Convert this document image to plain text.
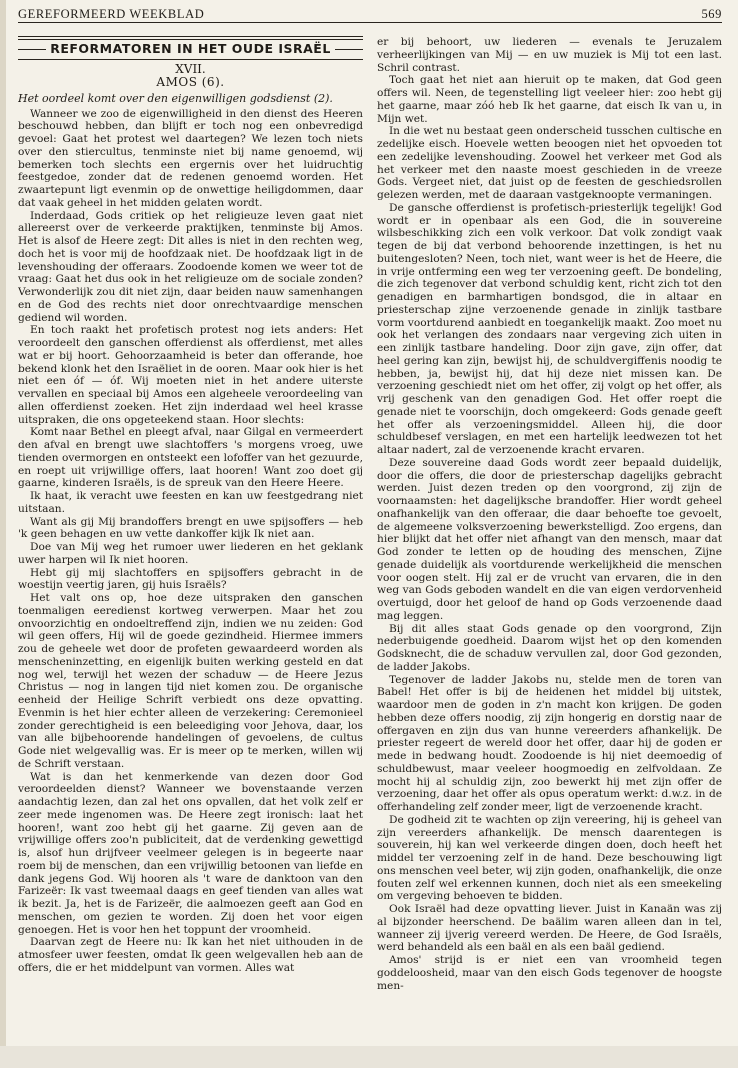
GEREFORMEERD WEEKBLAD	569
REFORMATOREN IN HET OUDE ISRAËL
XVII.
AMOS (6).

Het oordeel komt over den eigenwilligen godsdienst (2).

Wanneer we zoo de eigenwilligheid in den dienst des Heeren beschouwd hebben, dan blijft er toch nog een onbevredigd gevoel: Gaat het protest wel daartegen? We lezen toch niets over den stiercultus, tenminste niet bij name genoemd, wij bemerken toch slechts een ergernis over het luidruchtig feestgedoe, zonder dat de redenen genoemd worden. Het zwaartepunt ligt evenmin op de onwettige heiligdommen, daar dat vaak geheel in het midden gelaten wordt.

Inderdaad, Gods critiek op het religieuze leven gaat niet allereerst over de verkeerde praktijken, tenminste bij Amos. Het is alsof de Heere zegt: Dit alles is niet in den rechten weg, doch het is voor mij de hoofdzaak niet. De hoofdzaak ligt in de levenshouding der offeraars. Zoodoende komen we weer tot de vraag: Gaat het dus ook in het religieuze om de sociale zonden? Verwonderlijk zou dit niet zijn, daar beiden nauw samenhangen en de God des rechts niet door onrechtvaardige menschen gediend wil worden.

En toch raakt het profetisch protest nog iets anders: Het veroordeelt den ganschen offerdienst als offerdienst, met alles wat er bij hoort. Gehoorzaamheid is beter dan offerande, hoe bekend klonk het den Israëliet in de ooren. Maar ook hier is het niet een óf — óf. Wij moeten niet in het andere uiterste vervallen en speciaal bij Amos een algeheele veroordeeling van allen offerdienst zoeken. Het zijn inderdaad wel heel krasse uitspraken, die ons opgeteekend staan. Hoor slechts:

Komt naar Bethel en pleegt afval, naar Gilgal en vermeerdert den afval en brengt uwe slachtoffers 's morgens vroeg, uwe tienden overmorgen en ontsteekt een lofoffer van het gezuurde, en roept uit vrijwillige offers, laat hooren! Want zoo doet gij gaarne, kinderen Israëls, is de spreuk van den Heere Heere.

Ik haat, ik veracht uwe feesten en kan uw feestgedrang niet uitstaan.

Want als gij Mij brandoffers brengt en uwe spijsoffers — heb 'k geen behagen en uw vette dankoffer kijk Ik niet aan.

Doe van Mij weg het rumoer uwer liederen en het geklank uwer harpen wil Ik niet hooren.

Hebt gij mij slachtoffers en spijsoffers gebracht in de woestijn veertig jaren, gij huis Israëls?

Het valt ons op, hoe deze uitspraken den ganschen toenmaligen eeredienst kortweg verwerpen. Maar het zou onvoorzichtig en ondoeltreffend zijn, indien we nu zeiden: God wil geen offers, Hij wil de goede gezindheid. Hiermee immers zou de geheele wet door de profeten gewaardeerd worden als menscheninzetting, en eigenlijk buiten werking gesteld en dat nog wel, terwijl het wezen der schaduw — de Heere Jezus Christus — nog in langen tijd niet komen zou. De organische eenheid der Heilige Schrift verbiedt ons deze opvatting. Evenmin is het hier echter alleen de verzekering: Ceremonieel zonder gerechtigheid is een beleediging voor Jehova, daar, los van alle bijbehoorende handelingen of gevoelens, de cultus Gode niet welgevallig was. Er is meer op te merken, willen wij de Schrift verstaan.

Wat is dan het kenmerkende van dezen door God veroordeelden dienst? Wanneer we bovenstaande verzen aandachtig lezen, dan zal het ons opvallen, dat het volk zelf er zeer mede ingenomen was. De Heere zegt ironisch: laat het hooren!, want zoo hebt gij het gaarne. Zij geven aan de vrijwillige offers zoo'n publiciteit, dat de verdenking gewettigd is, alsof hun drijfveer veelmeer gelegen is in begeerte naar roem bij de menschen, dan een vrijwillig betoonen van liefde en dank jegens God. Wij hooren als 't ware de danktoon van den Farizeër: Ik vast tweemaal daags en geef tienden van alles wat ik bezit. Ja, het is de Farizeër, die aalmoezen geeft aan God en menschen, om gezien te worden. Zij doen het voor eigen genoegen. Het is voor hen het toppunt der vroomheid.

Daarvan zegt de Heere nu: Ik kan het niet uithouden in de atmosfeer uwer feesten, omdat Ik geen welgevallen heb aan de offers, die er het middelpunt van vormen. Alles wat

er bij behoort, uw liederen — evenals te Jeruzalem verheerlijkingen van Mij — en uw muziek is Mij tot een last. Schril contrast.

Toch gaat het niet aan hieruit op te maken, dat God geen offers wil. Neen, de tegenstelling ligt veeleer hier: zoo hebt gij het gaarne, maar zóó heb Ik het gaarne, dat eisch Ik van u, in Mijn wet.

In die wet nu bestaat geen onderscheid tusschen cultische en zedelijke eisch. Hoevele wetten beoogen niet het opvoeden tot een zedelijke levenshouding. Zoowel het verkeer met God als het verkeer met den naaste moest geschieden in de vreeze Gods. Vergeet niet, dat juist op de feesten de geschiedsrollen gelezen werden, met de daaraan vastgeknoopte vermaningen.

De gansche offerdienst is profetisch-priesterlijk tegelijk! God wordt er in openbaar als een God, die in souvereine wilsbeschikking zich een volk verkoor. Dat volk zondigt vaak tegen de bij dat verbond behoorende inzettingen, is het nu buitengesloten? Neen, toch niet, want weer is het de Heere, die in vrije ontferming een weg ter verzoening geeft. De bondeling, die zich tegenover dat verbond schuldig kent, richt zich tot den genadigen en barmhartigen bondsgod, die in altaar en priesterschap zijne verzoenende genade in zinlijk tastbare vorm voortdurend aanbiedt en toegankelijk maakt. Zoo moet nu ook het verlangen des zondaars naar vergeving zich uiten in een zinlijk tastbare handeling. Door zijn gave, zijn offer, dat heel gering kan zijn, bewijst hij, de schuldvergiffenis noodig te hebben, ja, bewijst hij, dat hij deze niet missen kan. De verzoening geschiedt niet om het offer, zij volgt op het offer, als vrij geschenk van den genadigen God. Het offer roept die genade niet te voorschijn, doch omgekeerd: Gods genade geeft het offer als verzoeningsmiddel. Alleen hij, die door schuldbesef verslagen, en met een hartelijk leedwezen tot het altaar nadert, zal de verzoenende kracht ervaren.

Deze souvereine daad Gods wordt zeer bepaald duidelijk, door die offers, die door de priesterschap dagelijks gebracht werden. Juist dezen treden op den voorgrond, zij zijn de voornaamsten: het dagelijksche brandoffer. Hier wordt geheel onafhankelijk van den offeraar, die daar behoefte toe gevoelt, de algemeene volksverzoening bewerkstelligd. Zoo ergens, dan hier blijkt dat het offer niet afhangt van den mensch, maar dat God zonder te letten op de houding des menschen, Zijne genade duidelijk als voortdurende werkelijkheid die menschen voor oogen stelt. Hij zal er de vrucht van ervaren, die in den weg van Gods geboden wandelt en die van eigen verdorvenheid overtuigd, door het geloof de hand op Gods verzoenende daad mag leggen.

Bij dit alles staat Gods genade op den voorgrond, Zijn nederbuigende goedheid. Daarom wijst het op den komenden Godsknecht, die de schaduw vervullen zal, door God gezonden, de ladder Jakobs.

Tegenover de ladder Jakobs nu, stelde men de toren van Babel! Het offer is bij de heidenen het middel bij uitstek, waardoor men de goden in z'n macht kon krijgen. De goden hebben deze offers noodig, zij zijn hongerig en dorstig naar de offergaven en zijn dus van hunne vereerders afhankelijk. De priester regeert de wereld door het offer, daar hij de goden er mede in bedwang houdt. Zoodoende is hij niet deemoedig of schuldbewust, maar veeleer hoogmoedig en zelfvoldaan. Ze mocht hij al schuldig zijn, zoo bewerkt hij met zijn offer de verzoening, daar het offer als opus operatum werkt: d.w.z. in de offerhandeling zelf zonder meer, ligt de verzoenende kracht.

De godheid zit te wachten op zijn vereering, hij is geheel van zijn vereerders afhankelijk. De mensch daarentegen is souverein, hij kan wel verkeerde dingen doen, doch heeft het middel ter verzoening zelf in de hand. Deze beschouwing ligt ons menschen veel beter, wij zijn goden, onafhankelijk, die onze fouten zelf wel erkennen kunnen, doch niet als een smeekeling om vergeving behoeven te bidden.

Ook Israël had deze opvatting liever. Juist in Kanaän was zij al bijzonder heerschend. De baälim waren alleen dan in tel, wanneer zij ijverig vereerd werden. De Heere, de God Israëls, werd behandeld als een baäl en als een baäl gediend.

Amos' strijd is er niet een van vroomheid tegen goddeloosheid, maar van den eisch Gods tegenover de hoogste men-
